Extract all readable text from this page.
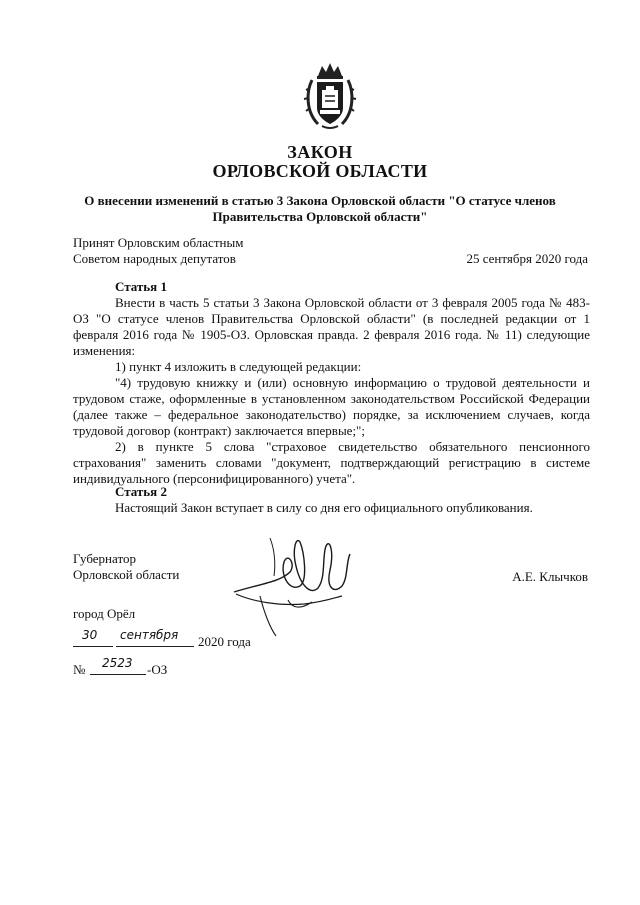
ЗАКОН
ОРЛОВСКОЙ ОБЛАСТИ
О внесении изменений в статью 3 Закона Орловской области "О статусе членов
Правительства Орловской области"
Принят Орловским областным
Советом народных депутатов	25 сентября 2020 года
Статья 1
Внести в часть 5 статьи 3 Закона Орловской области от 3 февраля 2005 года № 483-ОЗ "О статусе членов Правительства Орловской области" (в последней редакции от 1 февраля 2016 года № 1905-ОЗ. Орловская правда. 2 февраля 2016 года. № 11) следующие изменения:
1) пункт 4 изложить в следующей редакции:
"4) трудовую книжку и (или) основную информацию о трудовой деятельности и трудовом стаже, оформленные в установленном законодательством Российской Федерации (далее также – федеральное законодательство) порядке, за исключением случаев, когда трудовой договор (контракт) заключается впервые;";
2) в пункте 5 слова "страховое свидетельство обязательного пенсионного страхования" заменить словами "документ, подтверждающий регистрацию в системе индивидуального (персонифицированного) учета".
Статья 2
Настоящий Закон вступает в силу со дня его официального опубликования.
Губернатор
Орловской области	А.Е. Клычков
город Орёл
30 сентября 2020 года
№ 2523 -ОЗ
